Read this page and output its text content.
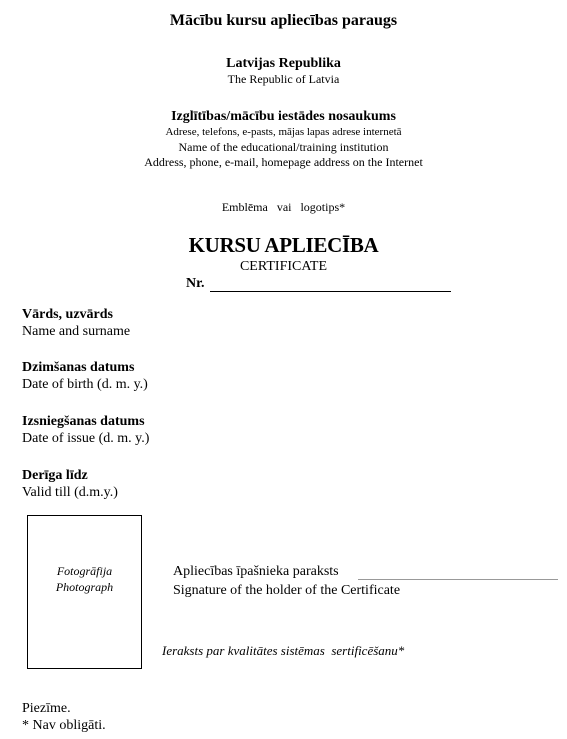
Mācību kursu apliecības paraugs
Latvijas Republika
The Republic of Latvia
Izglītības/mācību iestādes nosaukums
Adrese, telefons, e-pasts, mājas lapas adrese internetā
Name of the educational/training institution
Address, phone, e-mail, homepage address on the Internet
Emblēma   vai   logotips*
KURSU APLIECĪBA
CERTIFICATE
Nr.
Vārds, uzvārds
Name and surname
Dzimšanas datums
Date of birth (d. m. y.)
Izsniegšanas datums
Date of issue (d. m. y.)
Derīga līdz
Valid till (d.m.y.)
Fotogrāfija
Photograph
Apliecības īpašnieka paraksts
Signature of the holder of the Certificate
Ieraksts par kvalitātes sistēmas  sertificēšanu*
Piezīme.
* Nav obligāti.
